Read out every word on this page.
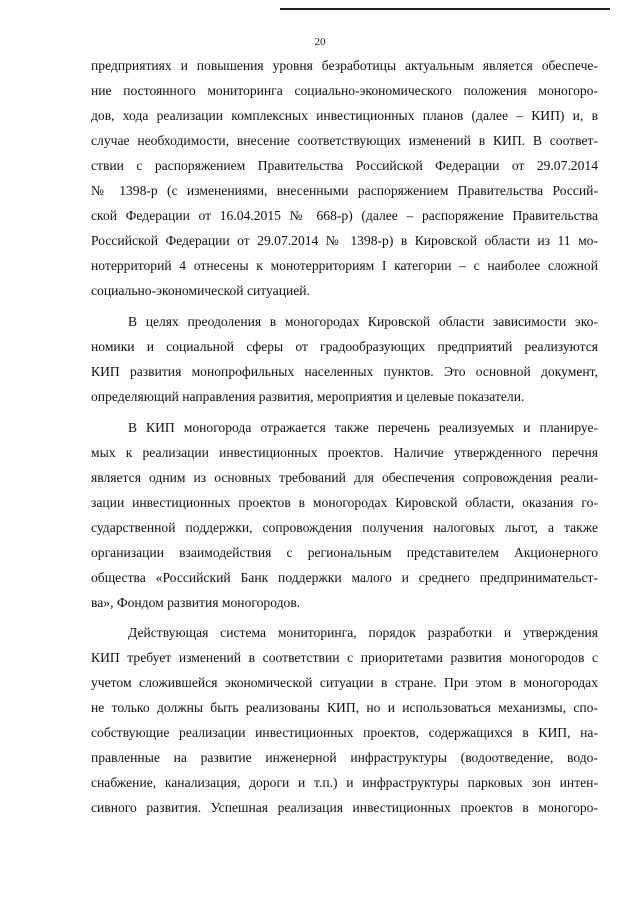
20
предприятиях и повышения уровня безработицы актуальным является обеспече-
ние постоянного мониторинга социально-экономического положения моногоро-
дов, хода реализации комплексных инвестиционных планов (далее – КИП) и, в
случае необходимости, внесение соответствующих изменений в КИП. В соответ-
ствии с распоряжением Правительства Российской Федерации от 29.07.2014
№ 1398-р (с изменениями, внесенными распоряжением Правительства Россий-
ской Федерации от 16.04.2015 № 668-р) (далее – распоряжение Правительства
Российской Федерации от 29.07.2014 № 1398-р) в Кировской области из 11 мо-
нотерриторий 4 отнесены к монотерриториям I категории – с наиболее сложной
социально-экономической ситуацией.
В целях преодоления в моногородах Кировской области зависимости эко-
номики и социальной сферы от градообразующих предприятий реализуются
КИП развития монопрофильных населенных пунктов. Это основной документ,
определяющий направления развития, мероприятия и целевые показатели.
В КИП моногорода отражается также перечень реализуемых и планируе-
мых к реализации инвестиционных проектов. Наличие утвержденного перечня
является одним из основных требований для обеспечения сопровождения реали-
зации инвестиционных проектов в моногородах Кировской области, оказания го-
сударственной поддержки, сопровождения получения налоговых льгот, а также
организации взаимодействия с региональным представителем Акционерного
общества «Российский Банк поддержки малого и среднего предпринимательст-
ва», Фондом развития моногородов.
Действующая система мониторинга, порядок разработки и утверждения
КИП требует изменений в соответствии с приоритетами развития моногородов с
учетом сложившейся экономической ситуации в стране. При этом в моногородах
не только должны быть реализованы КИП, но и использоваться механизмы, спо-
собствующие реализации инвестиционных проектов, содержащихся в КИП, на-
правленные на развитие инженерной инфраструктуры (водоотведение, водо-
снабжение, канализация, дороги и т.п.) и инфраструктуры парковых зон интен-
сивного развития. Успешная реализация инвестиционных проектов в моногоро-
